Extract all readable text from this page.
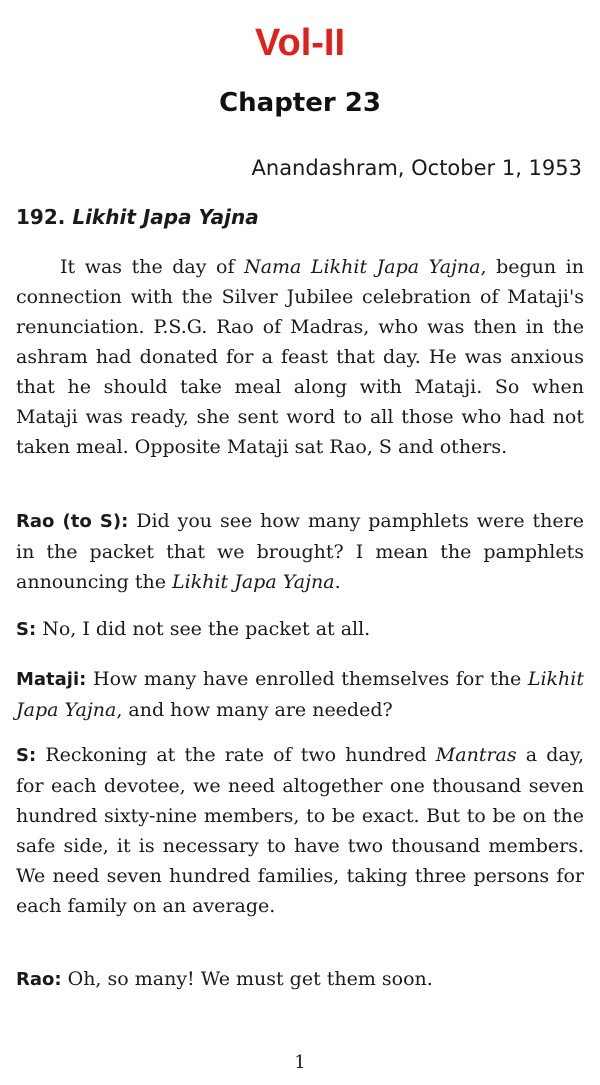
Vol-II
Chapter 23
Anandashram, October 1, 1953
192. Likhit Japa Yajna
It was the day of Nama Likhit Japa Yajna, begun in connection with the Silver Jubilee celebration of Mataji's renunciation. P.S.G. Rao of Madras, who was then in the ashram had donated for a feast that day. He was anxious that he should take meal along with Mataji. So when Mataji was ready, she sent word to all those who had not taken meal. Opposite Mataji sat Rao, S and others.
Rao (to S): Did you see how many pamphlets were there in the packet that we brought? I mean the pamphlets announcing the Likhit Japa Yajna.
S: No, I did not see the packet at all.
Mataji: How many have enrolled themselves for the Likhit Japa Yajna, and how many are needed?
S: Reckoning at the rate of two hundred Mantras a day, for each devotee, we need altogether one thousand seven hundred sixty-nine members, to be exact. But to be on the safe side, it is necessary to have two thousand members. We need seven hundred families, taking three persons for each family on an average.
Rao: Oh, so many! We must get them soon.
1
